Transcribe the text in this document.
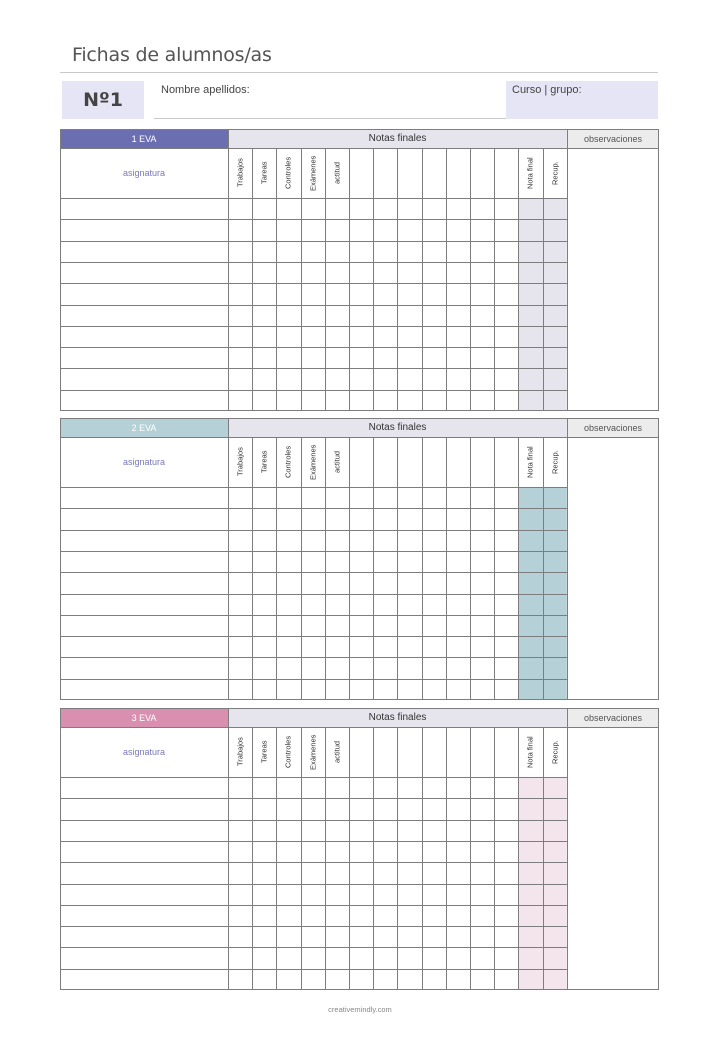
Fichas de alumnos/as
Nº1	Nombre apellidos:	Curso | grupo:
1 EVA	Notas finales	observaciones
asignatura	Trabajos	Tareas	Controles	Exámenes	actitud	Nota final	Recup.
2 EVA	Notas finales	observaciones
asignatura	Trabajos	Tareas	Controles	Exámenes	actitud	Nota final	Recup.
3 EVA	Notas finales	observaciones
asignatura	Trabajos	Tareas	Controles	Exámenes	actitud	Nota final	Recup.
creativemindly.com
